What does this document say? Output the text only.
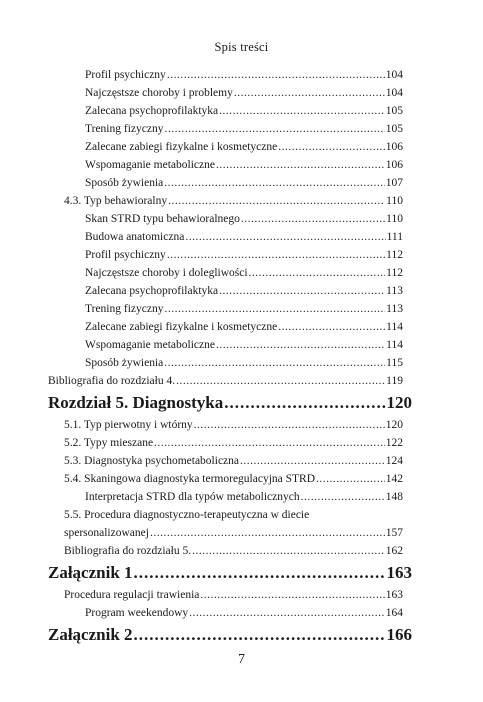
Spis treści
Profil psychiczny .....	104
Najczęstsze choroby i problemy .....	104
Zalecana psychoprofilaktyka .....	105
Trening fizyczny .....	105
Zalecane zabiegi fizykalne i kosmetyczne .....	106
Wspomaganie metaboliczne .....	106
Sposób żywienia .....	107
4.3. Typ behawioralny .....	110
Skan STRD typu behawioralnego .....	110
Budowa anatomiczna .....	111
Profil psychiczny .....	112
Najczęstsze choroby i dolegliwości .....	112
Zalecana psychoprofilaktyka .....	113
Trening fizyczny .....	113
Zalecane zabiegi fizykalne i kosmetyczne .....	114
Wspomaganie metaboliczne .....	114
Sposób żywienia .....	115
Bibliografia do rozdziału 4. .....	119
Rozdział 5. Diagnostyka .....	120
5.1. Typ pierwotny i wtórny .....	120
5.2. Typy mieszane .....	122
5.3. Diagnostyka psychometaboliczna .....	124
5.4. Skaningowa diagnostyka termoregulacyjna STRD .....	142
Interpretacja STRD dla typów metabolicznych .....	148
5.5. Procedura diagnostyczno-terapeutyczna w diecie
spersonalizowanej .....	157
Bibliografia do rozdziału 5. .....	162
Załącznik 1 .....	163
Procedura regulacji trawienia .....	163
Program weekendowy .....	164
Załącznik 2 .....	166
7
